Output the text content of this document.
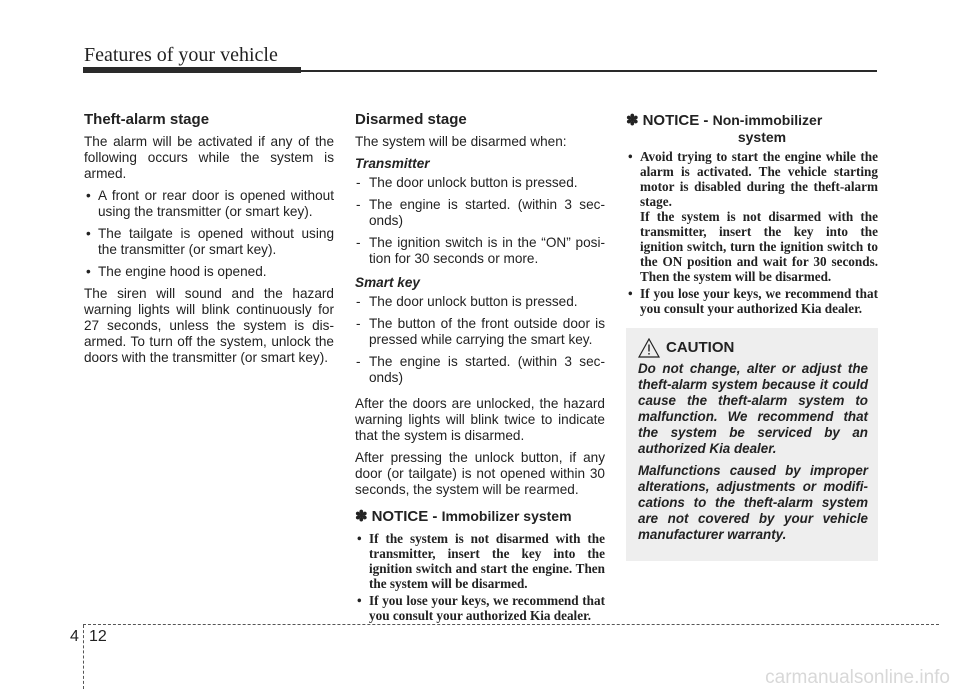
Features of your vehicle
Theft-alarm stage

The alarm will be activated if any of the following occurs while the system is armed.

• A front or rear door is opened without using the transmitter (or smart key).
• The tailgate is opened without using the transmitter (or smart key).
• The engine hood is opened.

The siren will sound and the hazard warning lights will blink continuously for 27 seconds, unless the system is dis- armed. To turn off the system, unlock the doors with the transmitter (or smart key).

Disarmed stage

The system will be disarmed when:

Transmitter
- The door unlock button is pressed.
- The engine is started. (within 3 sec- onds)
- The ignition switch is in the “ON” posi- tion for 30 seconds or more.
Smart key
- The door unlock button is pressed.
- The button of the front outside door is pressed while carrying the smart key.
- The engine is started. (within 3 sec- onds)

After the doors are unlocked, the hazard warning lights will blink twice to indicate that the system is disarmed.

After pressing the unlock button, if any door (or tailgate) is not opened within 30 seconds, the system will be rearmed.

✽ NOTICE - Immobilizer system
• If the system is not disarmed with the transmitter, insert the key into the ignition switch and start the engine. Then the system will be disarmed.
• If you lose your keys, we recommend that you consult your authorized Kia dealer.
✽ NOTICE - Non-immobilizer
system
• Avoid trying to start the engine while the alarm is activated. The vehicle starting motor is disabled during the theft-alarm stage.
If the system is not disarmed with the transmitter, insert the key into the ignition switch, turn the ignition switch to the ON position and wait for 30 seconds. Then the system will be disarmed.
• If you lose your keys, we recommend that you consult your authorized Kia dealer.
CAUTION

Do not change, alter or adjust the theft-alarm system because it could cause the theft-alarm system to malfunction. We recommend that the system be serviced by an authorized Kia dealer.

Malfunctions caused by improper alterations, adjustments or modifi- cations to the theft-alarm system are not covered by your vehicle manufacturer warranty.

4 12
carmanualsonline.info
